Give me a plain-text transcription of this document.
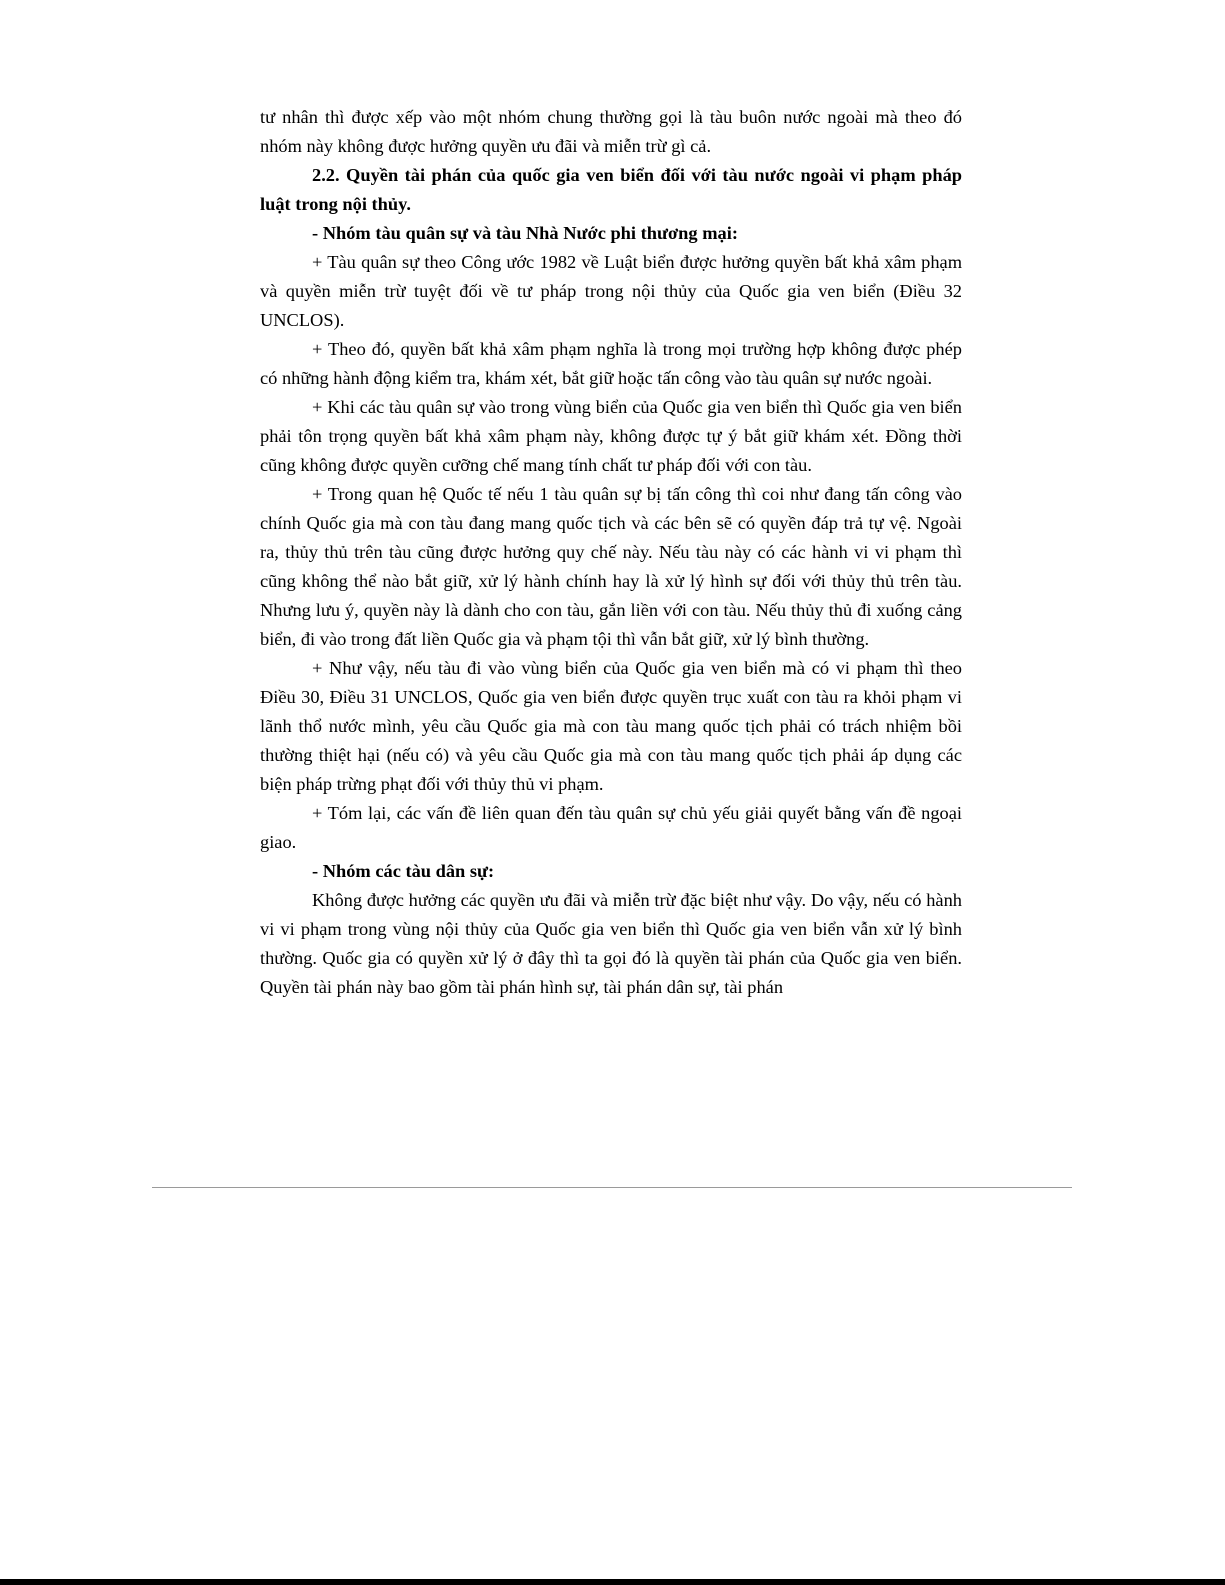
tư nhân thì được xếp vào một nhóm chung thường gọi là tàu buôn nước ngoài mà theo đó nhóm này không được hưởng quyền ưu đãi và miễn trừ gì cả.

2.2. Quyền tài phán của quốc gia ven biển đối với tàu nước ngoài vi phạm pháp luật trong nội thủy.

- Nhóm tàu quân sự và tàu Nhà Nước phi thương mại:

+ Tàu quân sự theo Công ước 1982 về Luật biển được hưởng quyền bất khả xâm phạm và quyền miễn trừ tuyệt đối về tư pháp trong nội thủy của Quốc gia ven biển (Điều 32 UNCLOS).

+ Theo đó, quyền bất khả xâm phạm nghĩa là trong mọi trường hợp không được phép có những hành động kiểm tra, khám xét, bắt giữ hoặc tấn công vào tàu quân sự nước ngoài.

+ Khi các tàu quân sự vào trong vùng biển của Quốc gia ven biển thì Quốc gia ven biển phải tôn trọng quyền bất khả xâm phạm này, không được tự ý bắt giữ khám xét. Đồng thời cũng không được quyền cưỡng chế mang tính chất tư pháp đối với con tàu.

+ Trong quan hệ Quốc tế nếu 1 tàu quân sự bị tấn công thì coi như đang tấn công vào chính Quốc gia mà con tàu đang mang quốc tịch và các bên sẽ có quyền đáp trả tự vệ. Ngoài ra, thủy thủ trên tàu cũng được hưởng quy chế này. Nếu tàu này có các hành vi vi phạm thì cũng không thể nào bắt giữ, xử lý hành chính hay là xử lý hình sự đối với thủy thủ trên tàu. Nhưng lưu ý, quyền này là dành cho con tàu, gắn liền với con tàu. Nếu thủy thủ đi xuống cảng biển, đi vào trong đất liền Quốc gia và phạm tội thì vẫn bắt giữ, xử lý bình thường.

+ Như vậy, nếu tàu đi vào vùng biển của Quốc gia ven biển mà có vi phạm thì theo Điều 30, Điều 31 UNCLOS, Quốc gia ven biển được quyền trục xuất con tàu ra khỏi phạm vi lãnh thổ nước mình, yêu cầu Quốc gia mà con tàu mang quốc tịch phải có trách nhiệm bồi thường thiệt hại (nếu có) và yêu cầu Quốc gia mà con tàu mang quốc tịch phải áp dụng các biện pháp trừng phạt đối với thủy thủ vi phạm.

+ Tóm lại, các vấn đề liên quan đến tàu quân sự chủ yếu giải quyết bằng vấn đề ngoại giao.

- Nhóm các tàu dân sự:

Không được hưởng các quyền ưu đãi và miễn trừ đặc biệt như vậy. Do vậy, nếu có hành vi vi phạm trong vùng nội thủy của Quốc gia ven biển thì Quốc gia ven biển vẫn xử lý bình thường. Quốc gia có quyền xử lý ở đây thì ta gọi đó là quyền tài phán của Quốc gia ven biển. Quyền tài phán này bao gồm tài phán hình sự, tài phán dân sự, tài phán
